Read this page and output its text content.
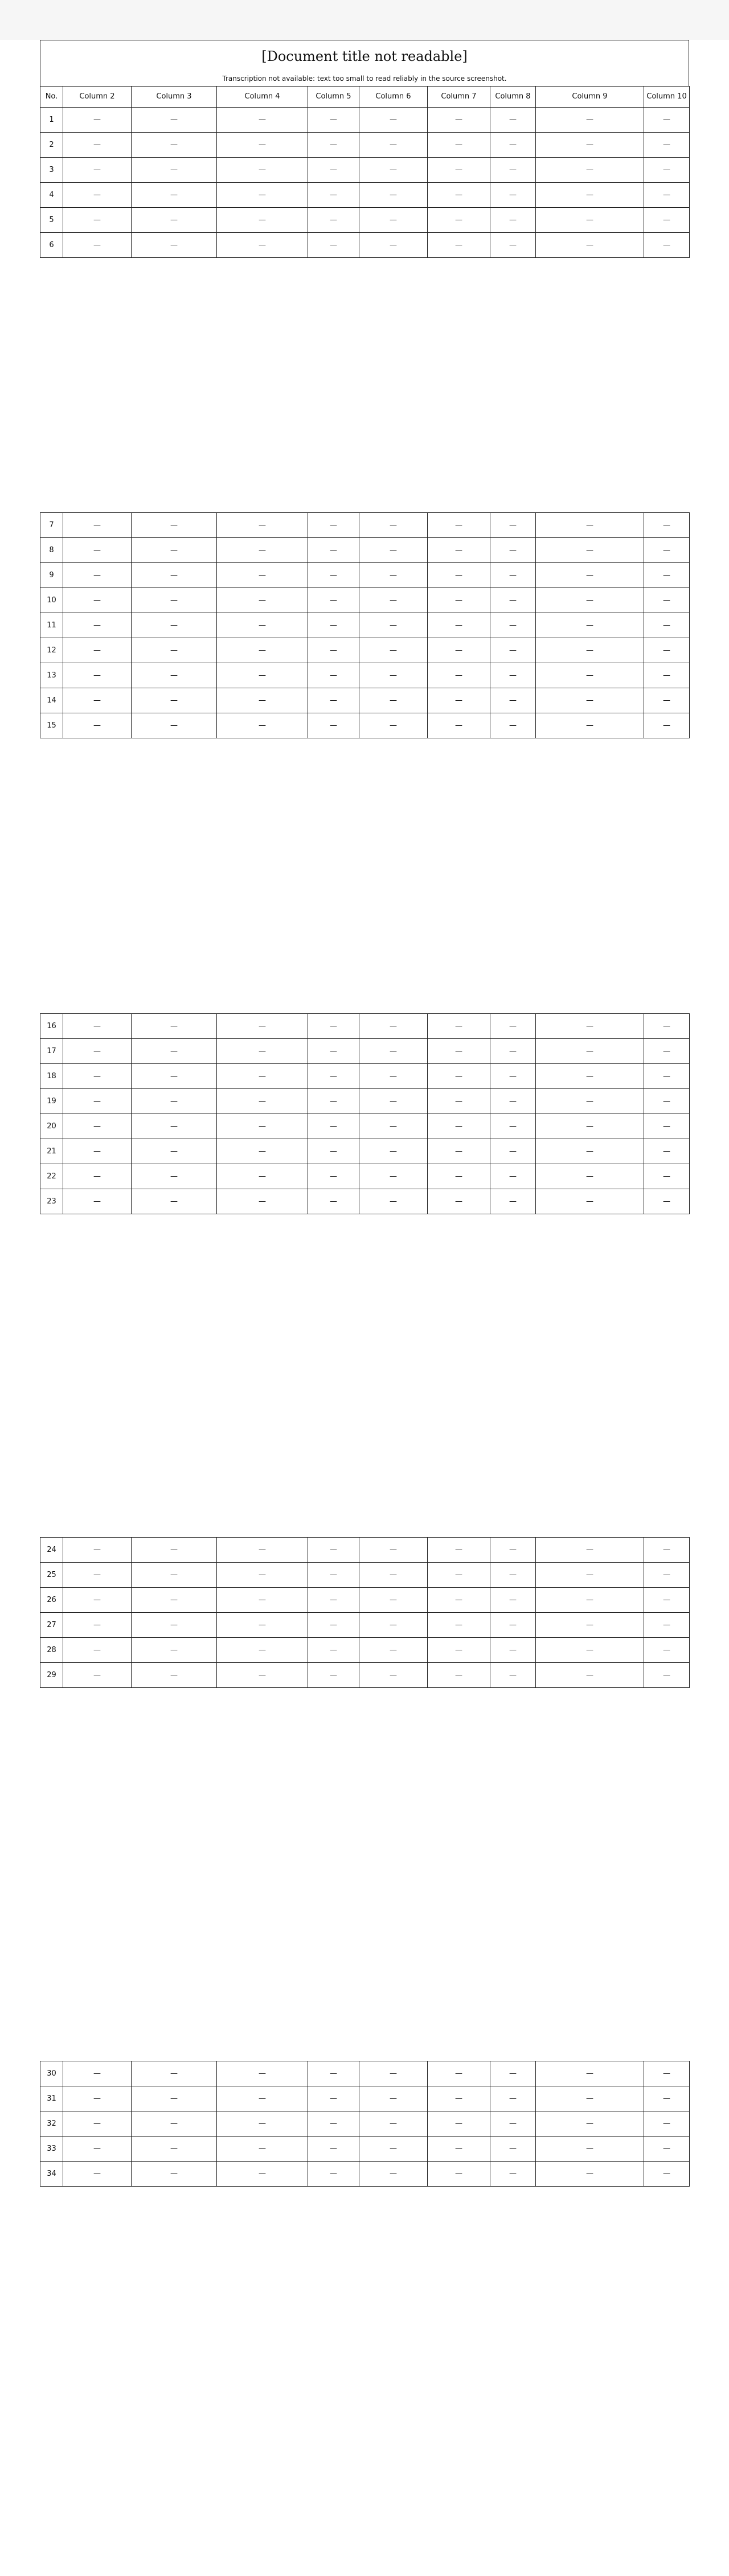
[Document title not readable]
Transcription not available: text too small to read reliably in the source screenshot.
No.	Column 2	Column 3	Column 4	Column 5	Column 6	Column 7	Column 8	Column 9	Column 10
1	—	—	—	—	—	—	—	—	—
2	—	—	—	—	—	—	—	—	—
3	—	—	—	—	—	—	—	—	—
4	—	—	—	—	—	—	—	—	—
5	—	—	—	—	—	—	—	—	—
6	—	—	—	—	—	—	—	—	—
7	—	—	—	—	—	—	—	—	—
8	—	—	—	—	—	—	—	—	—
9	—	—	—	—	—	—	—	—	—
10	—	—	—	—	—	—	—	—	—
11	—	—	—	—	—	—	—	—	—
12	—	—	—	—	—	—	—	—	—
13	—	—	—	—	—	—	—	—	—
14	—	—	—	—	—	—	—	—	—
15	—	—	—	—	—	—	—	—	—
16	—	—	—	—	—	—	—	—	—
17	—	—	—	—	—	—	—	—	—
18	—	—	—	—	—	—	—	—	—
19	—	—	—	—	—	—	—	—	—
20	—	—	—	—	—	—	—	—	—
21	—	—	—	—	—	—	—	—	—
22	—	—	—	—	—	—	—	—	—
23	—	—	—	—	—	—	—	—	—
24	—	—	—	—	—	—	—	—	—
25	—	—	—	—	—	—	—	—	—
26	—	—	—	—	—	—	—	—	—
27	—	—	—	—	—	—	—	—	—
28	—	—	—	—	—	—	—	—	—
29	—	—	—	—	—	—	—	—	—
30	—	—	—	—	—	—	—	—	—
31	—	—	—	—	—	—	—	—	—
32	—	—	—	—	—	—	—	—	—
33	—	—	—	—	—	—	—	—	—
34	—	—	—	—	—	—	—	—	—
